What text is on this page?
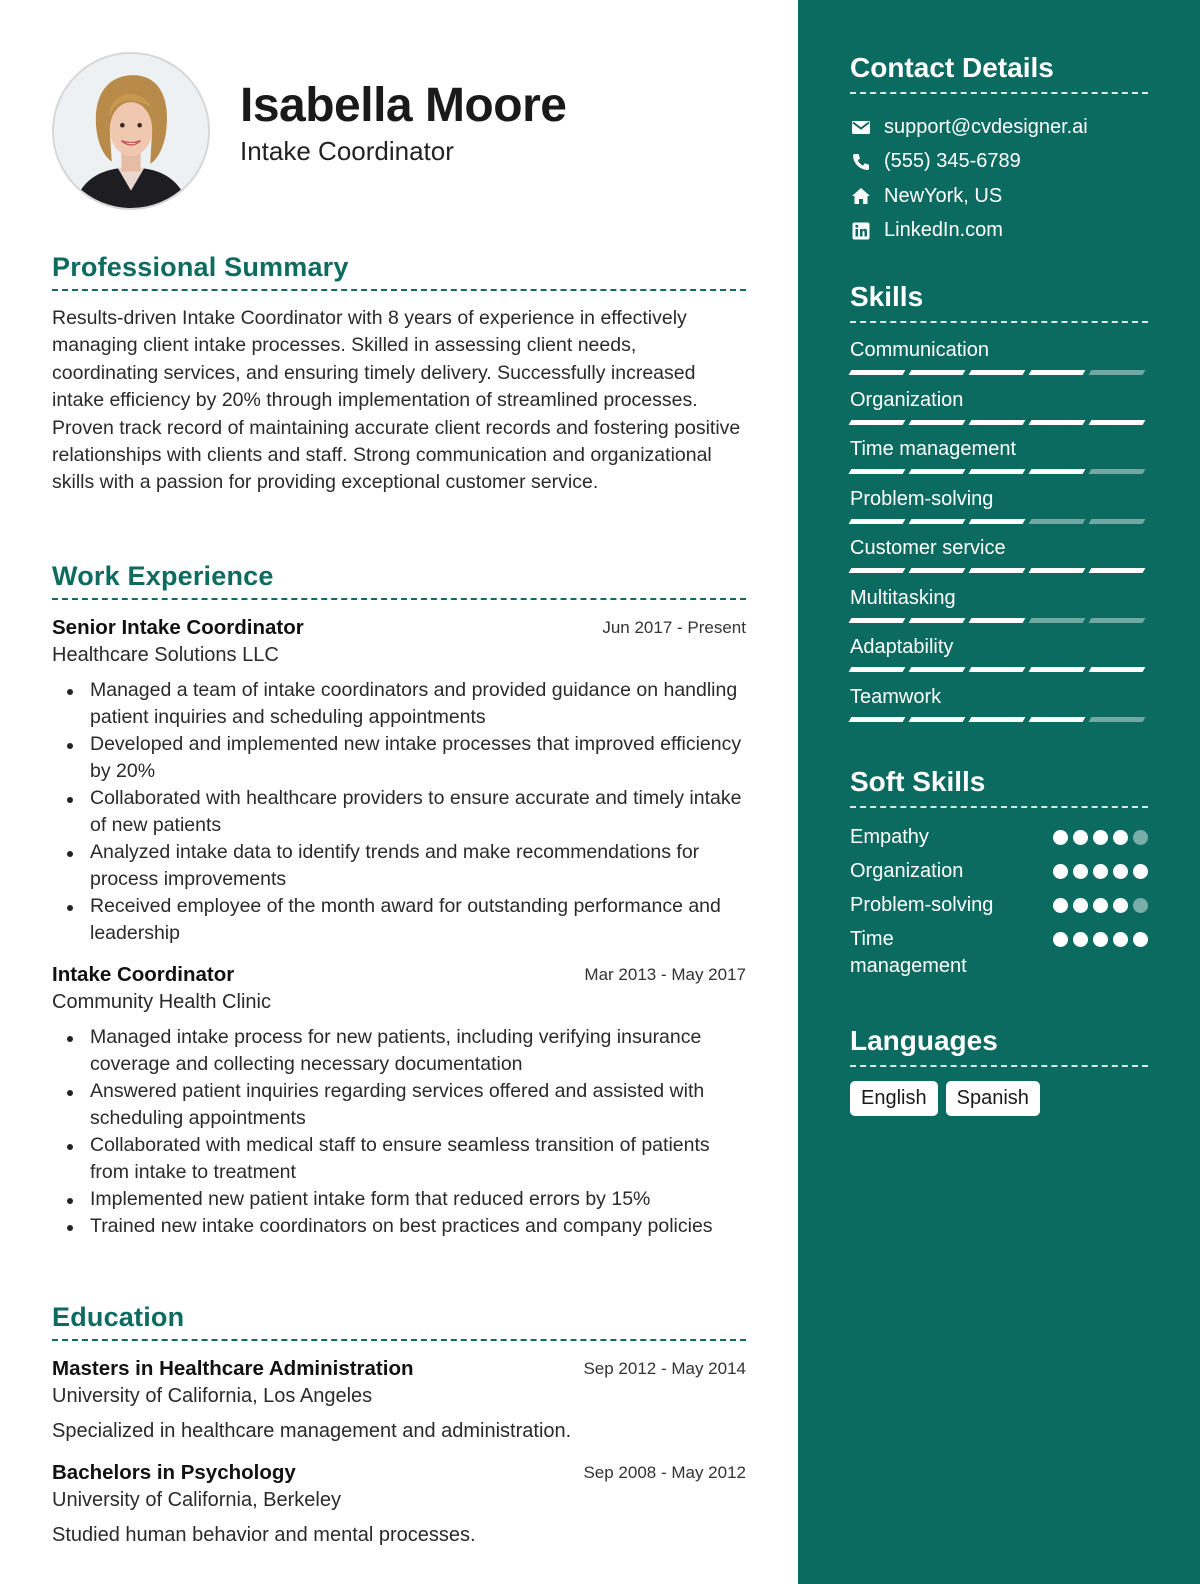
Isabella Moore
Intake Coordinator
Professional Summary
Results-driven Intake Coordinator with 8 years of experience in effectively managing client intake processes. Skilled in assessing client needs, coordinating services, and ensuring timely delivery. Successfully increased intake efficiency by 20% through implementation of streamlined processes. Proven track record of maintaining accurate client records and fostering positive relationships with clients and staff. Strong communication and organizational skills with a passion for providing exceptional customer service.
Work Experience
Senior Intake Coordinator	Jun 2017 - Present
Healthcare Solutions LLC
Managed a team of intake coordinators and provided guidance on handling patient inquiries and scheduling appointments
Developed and implemented new intake processes that improved efficiency by 20%
Collaborated with healthcare providers to ensure accurate and timely intake of new patients
Analyzed intake data to identify trends and make recommendations for process improvements
Received employee of the month award for outstanding performance and leadership
Intake Coordinator	Mar 2013 - May 2017
Community Health Clinic
Managed intake process for new patients, including verifying insurance coverage and collecting necessary documentation
Answered patient inquiries regarding services offered and assisted with scheduling appointments
Collaborated with medical staff to ensure seamless transition of patients from intake to treatment
Implemented new patient intake form that reduced errors by 15%
Trained new intake coordinators on best practices and company policies
Education
Masters in Healthcare Administration	Sep 2012 - May 2014
University of California, Los Angeles
Specialized in healthcare management and administration.
Bachelors in Psychology	Sep 2008 - May 2012
University of California, Berkeley
Studied human behavior and mental processes.
Contact Details
support@cvdesigner.ai
(555) 345-6789
NewYork, US
LinkedIn.com
Skills
Communication
Organization
Time management
Problem-solving
Customer service
Multitasking
Adaptability
Teamwork
Soft Skills
Empathy
Organization
Problem-solving
Time management
Languages
English	Spanish
